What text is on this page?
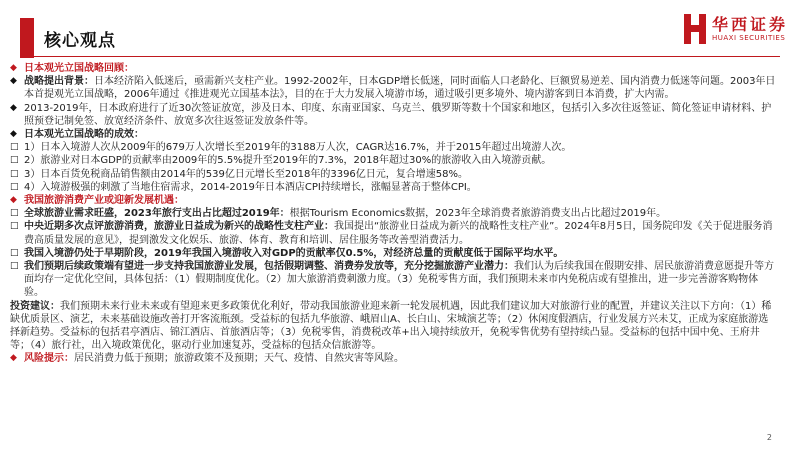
核心观点
华西证券
HUAXI SECURITIES
◆ 日本观光立国战略回顾：
◆ 战略提出背景：日本经济陷入低迷后，亟需新兴支柱产业。1992-2002年，日本GDP增长低迷，同时面临人口老龄化、巨额贸易逆差、国内消费力低迷等问题。2003年日本首提观光立国战略，2006年通过《推进观光立国基本法》，目的在于大力发展入境游市场，通过吸引更多境外、境内游客到日本消费，扩大内需。
◆ 2013-2019年，日本政府进行了近30次签证放宽，涉及日本、印度、东南亚国家、乌克兰、俄罗斯等数十个国家和地区，包括引入多次往返签证、简化签证申请材料、护照预登记制免签、放宽经济条件、放宽多次往返签证发放条件等。
◆ 日本观光立国战略的成效：
□ 1）日本入境游人次从2009年的679万人次增长至2019年的3188万人次，CAGR达16.7%，并于2015年超过出境游人次。
□ 2）旅游业对日本GDP的贡献率由2009年的5.5%提升至2019年的7.3%，2018年超过30%的旅游收入由入境游贡献。
□ 3）日本百货免税商品销售额由2014年的539亿日元增长至2018年的3396亿日元，复合增速58%。
□ 4）入境游极强的刺激了当地住宿需求，2014-2019年日本酒店CPI持续增长，涨幅显著高于整体CPI。
◆ 我国旅游消费产业或迎新发展机遇：
□ 全球旅游业需求旺盛，2023年旅行支出占比超过2019年：根据Tourism Economics数据，2023年全球消费者旅游消费支出占比超过2019年。
□ 中央近期多次点评旅游消费，旅游业日益成为新兴的战略性支柱产业：我国提出“旅游业日益成为新兴的战略性支柱产业”。2024年8月5日，国务院印发《关于促进服务消费高质量发展的意见》，提到激发文化娱乐、旅游、体育、教育和培训、居住服务等改善型消费活力。
□ 我国入境游仍处于早期阶段，2019年我国入境游收入对GDP的贡献率仅0.5%，对经济总量的贡献度低于国际平均水平。
□ 我们预期后续政策端有望进一步支持我国旅游业发展，包括假期调整、消费券发放等，充分挖掘旅游产业潜力：我们认为后续我国在假期安排、居民旅游消费意愿提升等方面均存一定优化空间，具体包括：（1）假期制度优化。（2）加大旅游消费刺激力度。（3）免税零售方面，我们预期未来市内免税店或有望推出，进一步完善游客购物体验。
投资建议：我们预期未来行业未来或有望迎来更多政策优化利好，带动我国旅游业迎来新一轮发展机遇，因此我们建议加大对旅游行业的配置，并建议关注以下方向：（1）稀缺优质景区、演艺，未来基础设施改善打开客流瓶颈。受益标的包括九华旅游、峨眉山A、长白山、宋城演艺等；（2）休闲度假酒店，行业发展方兴未艾，正成为家庭旅游选择新趋势。受益标的包括君亭酒店、锦江酒店、首旅酒店等；（3）免税零售，消费税改革+出入境持续放开，免税零售优势有望持续凸显。受益标的包括中国中免、王府井等；（4）旅行社，出入境政策优化，驱动行业加速复苏，受益标的包括众信旅游等。
◆ 风险提示：居民消费力低于预期；旅游政策不及预期；天气、疫情、自然灾害等风险。
2
